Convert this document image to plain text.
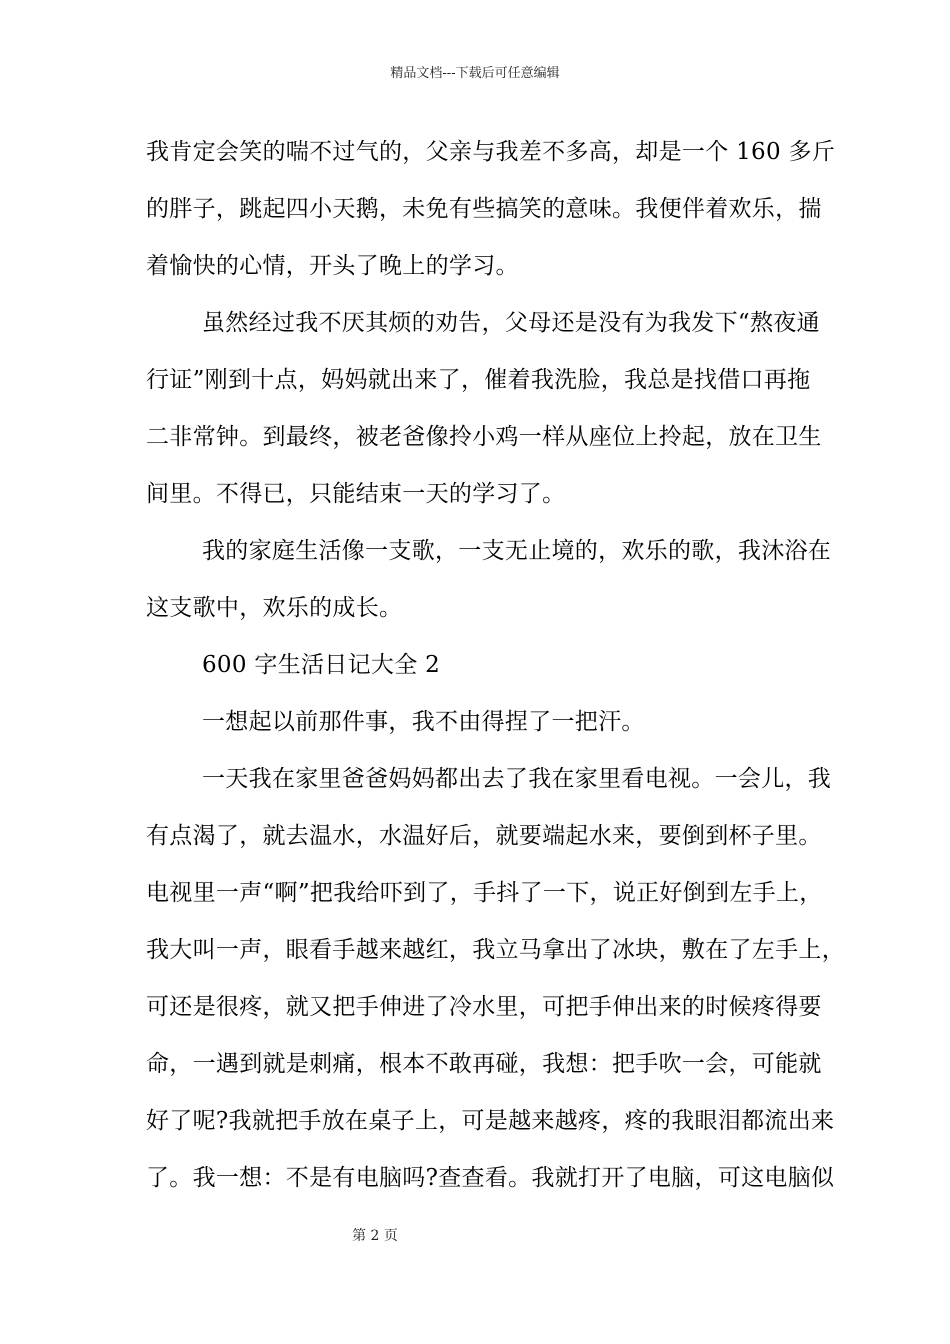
精品文档---下载后可任意编辑
我肯定会笑的喘不过气的，父亲与我差不多高，却是一个 160 多斤
的胖子，跳起四小天鹅，未免有些搞笑的意味。我便伴着欢乐，揣
着愉快的心情，开头了晚上的学习。
虽然经过我不厌其烦的劝告，父母还是没有为我发下“熬夜通
行证”刚到十点，妈妈就出来了，催着我洗脸，我总是找借口再拖
二非常钟。到最终，被老爸像拎小鸡一样从座位上拎起，放在卫生
间里。不得已，只能结束一天的学习了。
我的家庭生活像一支歌，一支无止境的，欢乐的歌，我沐浴在
这支歌中，欢乐的成长。
600 字生活日记大全 2
一想起以前那件事，我不由得捏了一把汗。
一天我在家里爸爸妈妈都出去了我在家里看电视。一会儿，我
有点渴了，就去温水，水温好后，就要端起水来，要倒到杯子里。
电视里一声“啊”把我给吓到了，手抖了一下，说正好倒到左手上，
我大叫一声，眼看手越来越红，我立马拿出了冰块，敷在了左手上，
可还是很疼，就又把手伸进了冷水里，可把手伸出来的时候疼得要
命，一遇到就是刺痛，根本不敢再碰，我想：把手吹一会，可能就
好了呢?我就把手放在桌子上，可是越来越疼，疼的我眼泪都流出来
了。我一想：不是有电脑吗?查查看。我就打开了电脑，可这电脑似
第 2 页
